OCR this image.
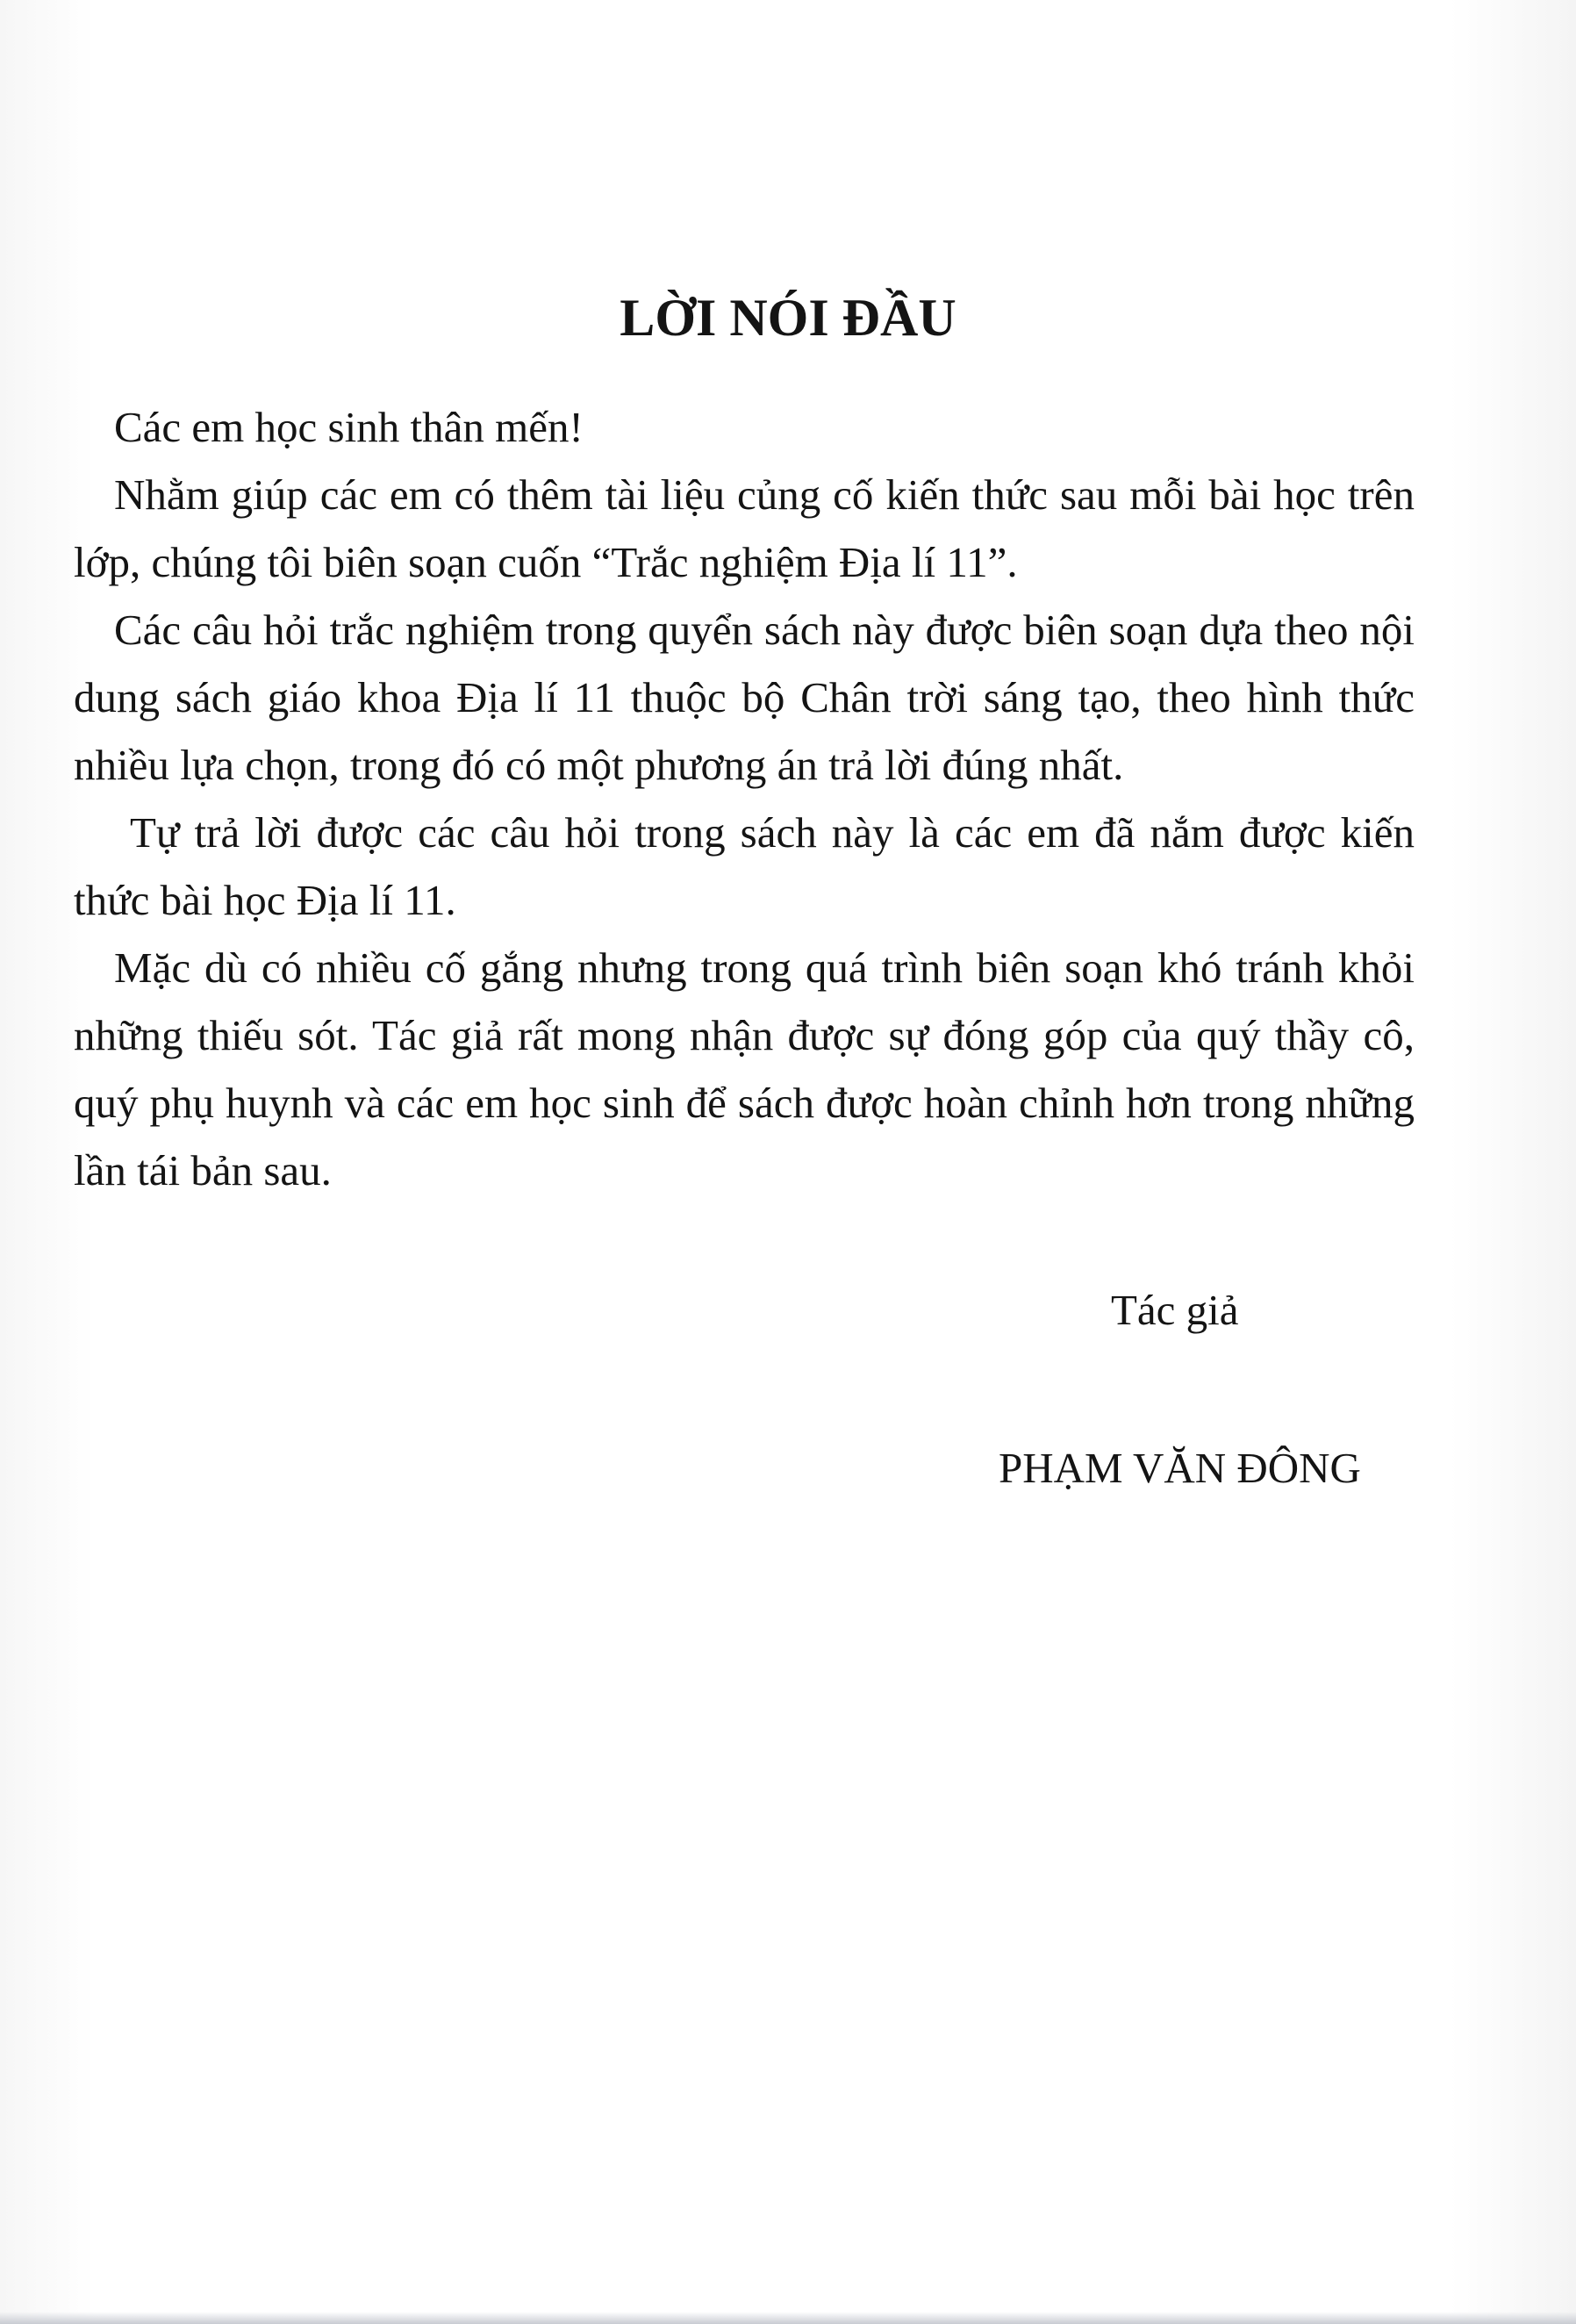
LỜI NÓI ĐẦU

Các em học sinh thân mến!

Nhằm giúp các em có thêm tài liệu củng cố kiến thức sau mỗi bài học trên lớp, chúng tôi biên soạn cuốn “Trắc nghiệm Địa lí 11”.

Các câu hỏi trắc nghiệm trong quyển sách này được biên soạn dựa theo nội dung sách giáo khoa Địa lí 11 thuộc bộ Chân trời sáng tạo, theo hình thức nhiều lựa chọn, trong đó có một phương án trả lời đúng nhất.

Tự trả lời được các câu hỏi trong sách này là các em đã nắm được kiến thức bài học Địa lí 11.

Mặc dù có nhiều cố gắng nhưng trong quá trình biên soạn khó tránh khỏi những thiếu sót. Tác giả rất mong nhận được sự đóng góp của quý thầy cô, quý phụ huynh và các em học sinh để sách được hoàn chỉnh hơn trong những lần tái bản sau.

Tác giả
PHẠM VĂN ĐÔNG
